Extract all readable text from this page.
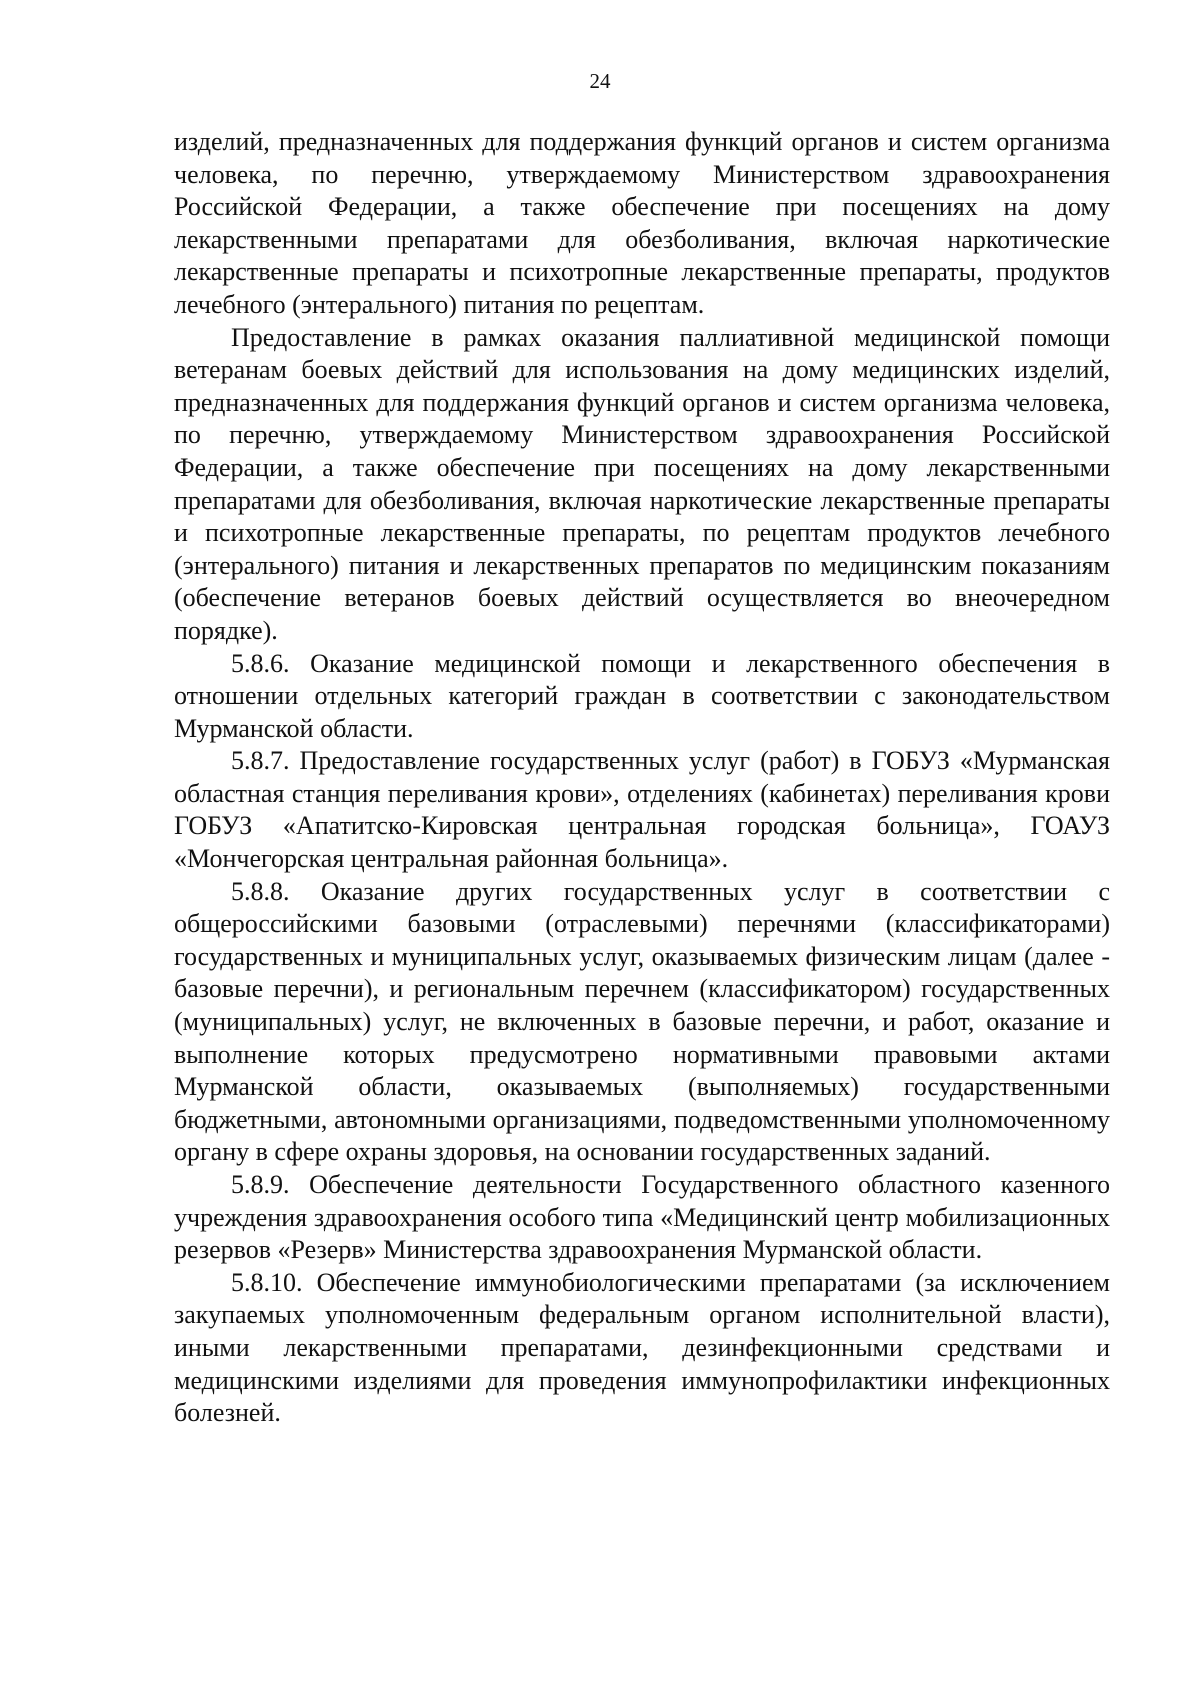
24

изделий, предназначенных для поддержания функций органов и систем организма человека, по перечню, утверждаемому Министерством здравоохранения Российской Федерации, а также обеспечение при посещениях на дому лекарственными препаратами для обезболивания, включая наркотические лекарственные препараты и психотропные лекарственные препараты, продуктов лечебного (энтерального) питания по рецептам.

Предоставление в рамках оказания паллиативной медицинской помощи ветеранам боевых действий для использования на дому медицинских изделий, предназначенных для поддержания функций органов и систем организма человека, по перечню, утверждаемому Министерством здравоохранения Российской Федерации, а также обеспечение при посещениях на дому лекарственными препаратами для обезболивания, включая наркотические лекарственные препараты и психотропные лекарственные препараты, по рецептам продуктов лечебного (энтерального) питания и лекарственных препаратов по медицинским показаниям (обеспечение ветеранов боевых действий осуществляется во внеочередном порядке).

5.8.6. Оказание медицинской помощи и лекарственного обеспечения в отношении отдельных категорий граждан в соответствии с законодательством Мурманской области.

5.8.7. Предоставление государственных услуг (работ) в ГОБУЗ «Мурманская областная станция переливания крови», отделениях (кабинетах) переливания крови ГОБУЗ «Апатитско-Кировская центральная городская больница», ГОАУЗ «Мончегорская центральная районная больница».

5.8.8. Оказание других государственных услуг в соответствии с общероссийскими базовыми (отраслевыми) перечнями (классификаторами) государственных и муниципальных услуг, оказываемых физическим лицам (далее - базовые перечни), и региональным перечнем (классификатором) государственных (муниципальных) услуг, не включенных в базовые перечни, и работ, оказание и выполнение которых предусмотрено нормативными правовыми актами Мурманской области, оказываемых (выполняемых) государственными бюджетными, автономными организациями, подведомственными уполномоченному органу в сфере охраны здоровья, на основании государственных заданий.

5.8.9. Обеспечение деятельности Государственного областного казенного учреждения здравоохранения особого типа «Медицинский центр мобилизационных резервов «Резерв» Министерства здравоохранения Мурманской области.

5.8.10. Обеспечение иммунобиологическими препаратами (за исключением закупаемых уполномоченным федеральным органом исполнительной власти), иными лекарственными препаратами, дезинфекционными средствами и медицинскими изделиями для проведения иммунопрофилактики инфекционных болезней.
